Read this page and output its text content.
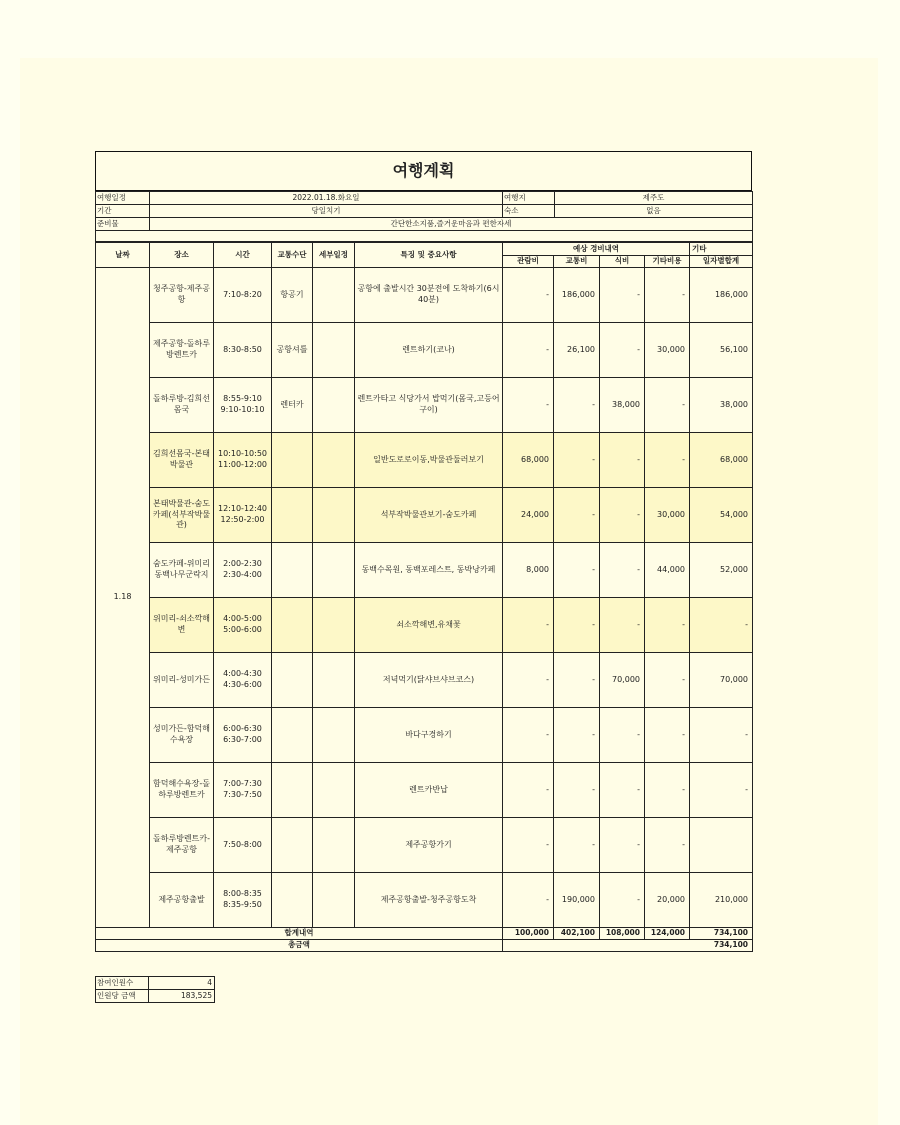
여행계획
여행일정	2022.01.18.화요일	여행지	제주도
기간	당일치기	숙소	없음
준비물	간단한소지품,즐거운마음과 편한자세		

날짜	장소	시간	교통수단	세부일정	특징 및 중요사항	예상 경비내역				기타
						관람비	교통비	식비	기타비용	일자별합계
1.18	청주공항-제주공항	7:10-8:20	항공기		공항에 출발시간 30분전에 도착하기(6시40분)	-	186,000	-	-	186,000
	제주공항-돌하루방렌트카	8:30-8:50	공항셔틀		렌트하기(코나)	-	26,100	-	30,000	56,100
	돌하루방-김희선몸국	8:55-9:10 9:10-10:10	렌터카		렌트카타고 식당가서 밥먹기(몸국,고등어구이)	-	-	38,000	-	38,000
	김희선몸국-본태박물관	10:10-10:50 11:00-12:00			일반도로로이동,박물관둘러보기	68,000	-	-	-	68,000
	본태박물관-숨도카페(석부작박물관)	12:10-12:40 12:50-2:00			석부작박물관보기-숨도카페	24,000	-	-	30,000	54,000
	숨도카페-위미리동백나무군락지	2:00-2:30 2:30-4:00			동백수목원, 동백포레스트, 동박낭카페	8,000	-	-	44,000	52,000
	위미리-쇠소깍해변	4:00-5:00 5:00-6:00			쇠소깍해변,유채꽃	-	-	-	-	-
	위미리-성미가든	4:00-4:30 4:30-6:00			저녁먹기(닭샤브샤브코스)	-	-	70,000	-	70,000
	성미가든-함덕해수욕장	6:00-6:30 6:30-7:00			바다구경하기	-	-	-	-	-
	함덕해수욕장-돌하루방렌트카	7:00-7:30 7:30-7:50			렌트카반납	-	-	-	-	-
	돌하루방렌트카-제주공항	7:50-8:00			제주공항가기	-	-	-	-	
	제주공항출발	8:00-8:35 8:35-9:50			제주공항출발-청주공항도착	-	190,000	-	20,000	210,000
합계내역						100,000	402,100	108,000	124,000	734,100
총금액						734,100				
참여인원수	4
인원당 금액	183,525
